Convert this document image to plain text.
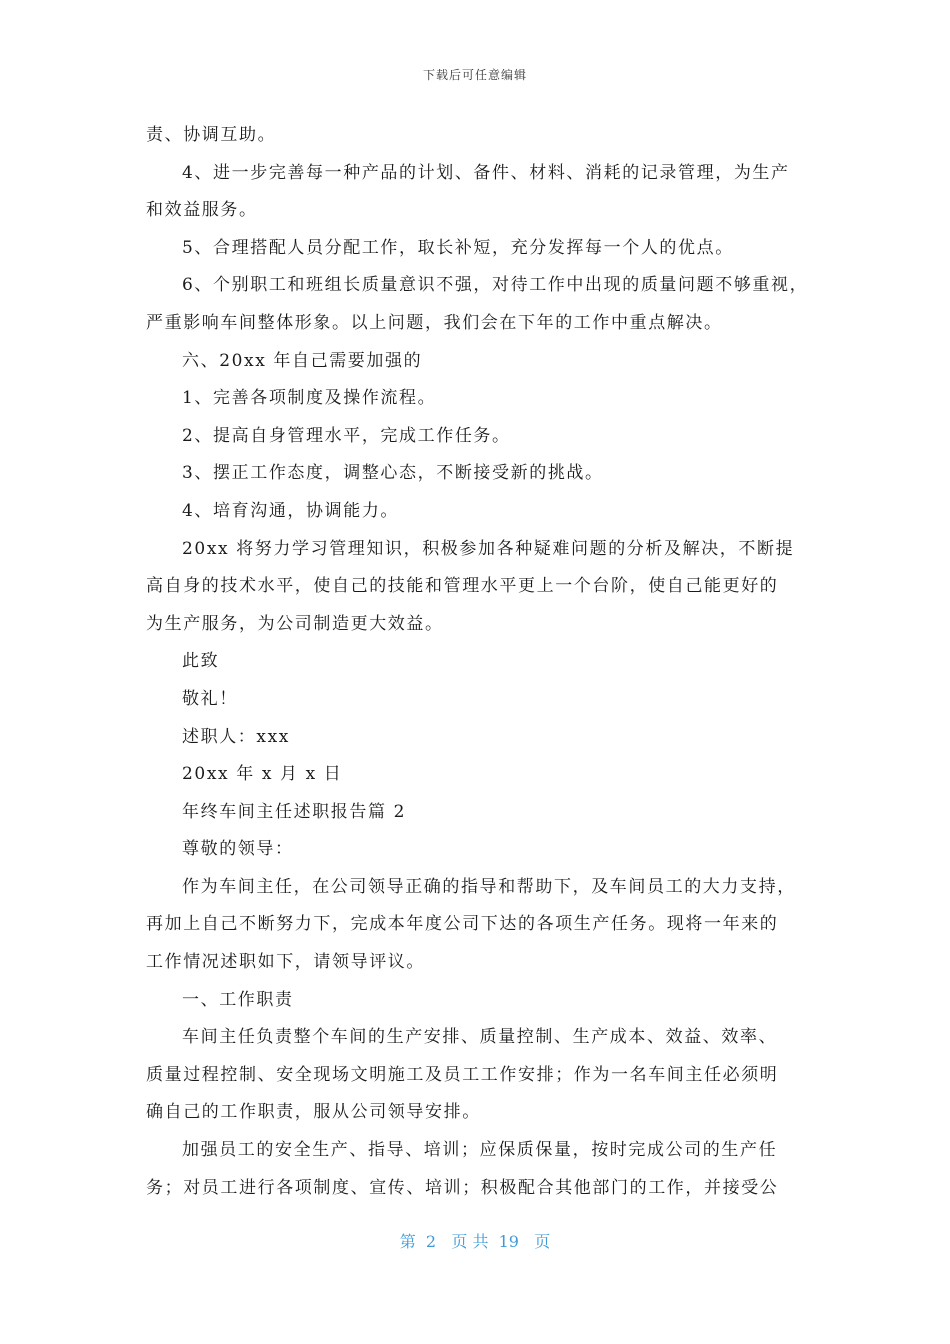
下载后可任意编辑
责、协调互助。
4、进一步完善每一种产品的计划、备件、材料、消耗的记录管理，为生产
和效益服务。
5、合理搭配人员分配工作，取长补短，充分发挥每一个人的优点。
6、个别职工和班组长质量意识不强，对待工作中出现的质量问题不够重视，
严重影响车间整体形象。以上问题，我们会在下年的工作中重点解决。
六、20xx 年自己需要加强的
1、完善各项制度及操作流程。
2、提高自身管理水平，完成工作任务。
3、摆正工作态度，调整心态，不断接受新的挑战。
4、培育沟通，协调能力。
20xx 将努力学习管理知识，积极参加各种疑难问题的分析及解决，不断提
高自身的技术水平，使自己的技能和管理水平更上一个台阶，使自己能更好的
为生产服务，为公司制造更大效益。
此致
敬礼！
述职人：xxx
20xx 年 x 月 x 日
年终车间主任述职报告篇 2
尊敬的领导：
作为车间主任，在公司领导正确的指导和帮助下，及车间员工的大力支持，
再加上自己不断努力下，完成本年度公司下达的各项生产任务。现将一年来的
工作情况述职如下，请领导评议。
一、工作职责
车间主任负责整个车间的生产安排、质量控制、生产成本、效益、效率、
质量过程控制、安全现场文明施工及员工工作安排；作为一名车间主任必须明
确自己的工作职责，服从公司领导安排。
加强员工的安全生产、指导、培训；应保质保量，按时完成公司的生产任
务；对员工进行各项制度、宣传、培训；积极配合其他部门的工作，并接受公
第  2   页 共  19   页
